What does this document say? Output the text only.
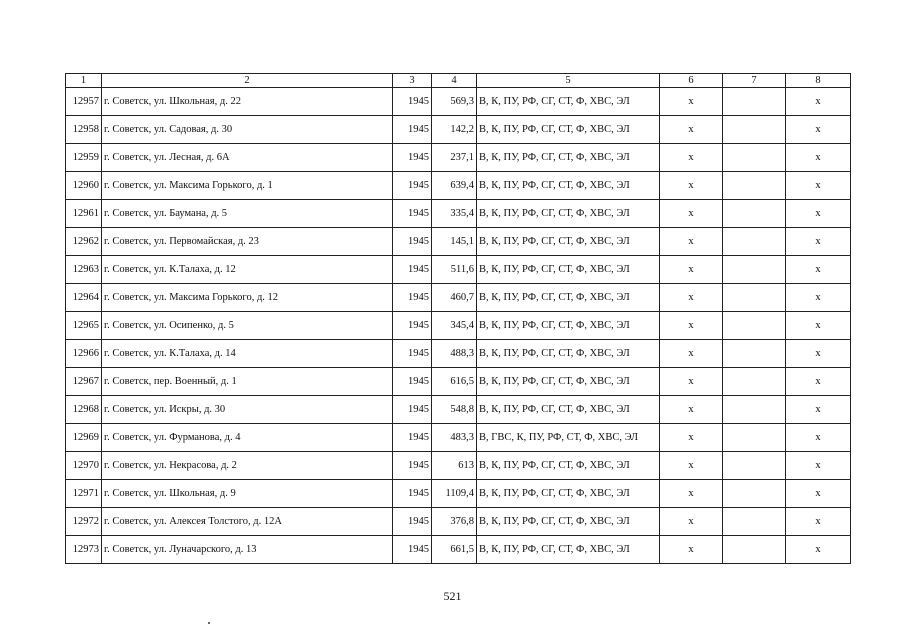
1	2	3	4	5	6	7	8
12957	г. Советск, ул. Школьная, д. 22	1945	569,3	В, К, ПУ, РФ, СГ, СТ, Ф, ХВС, ЭЛ	х		х
12958	г. Советск, ул. Садовая, д. 30	1945	142,2	В, К, ПУ, РФ, СГ, СТ, Ф, ХВС, ЭЛ	х		х
12959	г. Советск, ул. Лесная, д. 6А	1945	237,1	В, К, ПУ, РФ, СГ, СТ, Ф, ХВС, ЭЛ	х		х
12960	г. Советск, ул. Максима Горького, д. 1	1945	639,4	В, К, ПУ, РФ, СГ, СТ, Ф, ХВС, ЭЛ	х		х
12961	г. Советск, ул. Баумана, д. 5	1945	335,4	В, К, ПУ, РФ, СГ, СТ, Ф, ХВС, ЭЛ	х		х
12962	г. Советск, ул. Первомайская, д. 23	1945	145,1	В, К, ПУ, РФ, СГ, СТ, Ф, ХВС, ЭЛ	х		х
12963	г. Советск, ул. К.Талаха, д. 12	1945	511,6	В, К, ПУ, РФ, СГ, СТ, Ф, ХВС, ЭЛ	х		х
12964	г. Советск, ул. Максима Горького, д. 12	1945	460,7	В, К, ПУ, РФ, СГ, СТ, Ф, ХВС, ЭЛ	х		х
12965	г. Советск, ул. Осипенко, д. 5	1945	345,4	В, К, ПУ, РФ, СГ, СТ, Ф, ХВС, ЭЛ	х		х
12966	г. Советск, ул. К.Талаха, д. 14	1945	488,3	В, К, ПУ, РФ, СГ, СТ, Ф, ХВС, ЭЛ	х		х
12967	г. Советск, пер. Военный, д. 1	1945	616,5	В, К, ПУ, РФ, СГ, СТ, Ф, ХВС, ЭЛ	х		х
12968	г. Советск, ул. Искры, д. 30	1945	548,8	В, К, ПУ, РФ, СГ, СТ, Ф, ХВС, ЭЛ	х		х
12969	г. Советск, ул. Фурманова, д. 4	1945	483,3	В, ГВС, К, ПУ, РФ, СТ, Ф, ХВС, ЭЛ	х		х
12970	г. Советск, ул. Некрасова, д. 2	1945	613	В, К, ПУ, РФ, СГ, СТ, Ф, ХВС, ЭЛ	х		х
12971	г. Советск, ул. Школьная, д. 9	1945	1109,4	В, К, ПУ, РФ, СГ, СТ, Ф, ХВС, ЭЛ	х		х
12972	г. Советск, ул. Алексея Толстого, д. 12А	1945	376,8	В, К, ПУ, РФ, СГ, СТ, Ф, ХВС, ЭЛ	х		х
12973	г. Советск, ул. Луначарского, д. 13	1945	661,5	В, К, ПУ, РФ, СГ, СТ, Ф, ХВС, ЭЛ	х		х
521
